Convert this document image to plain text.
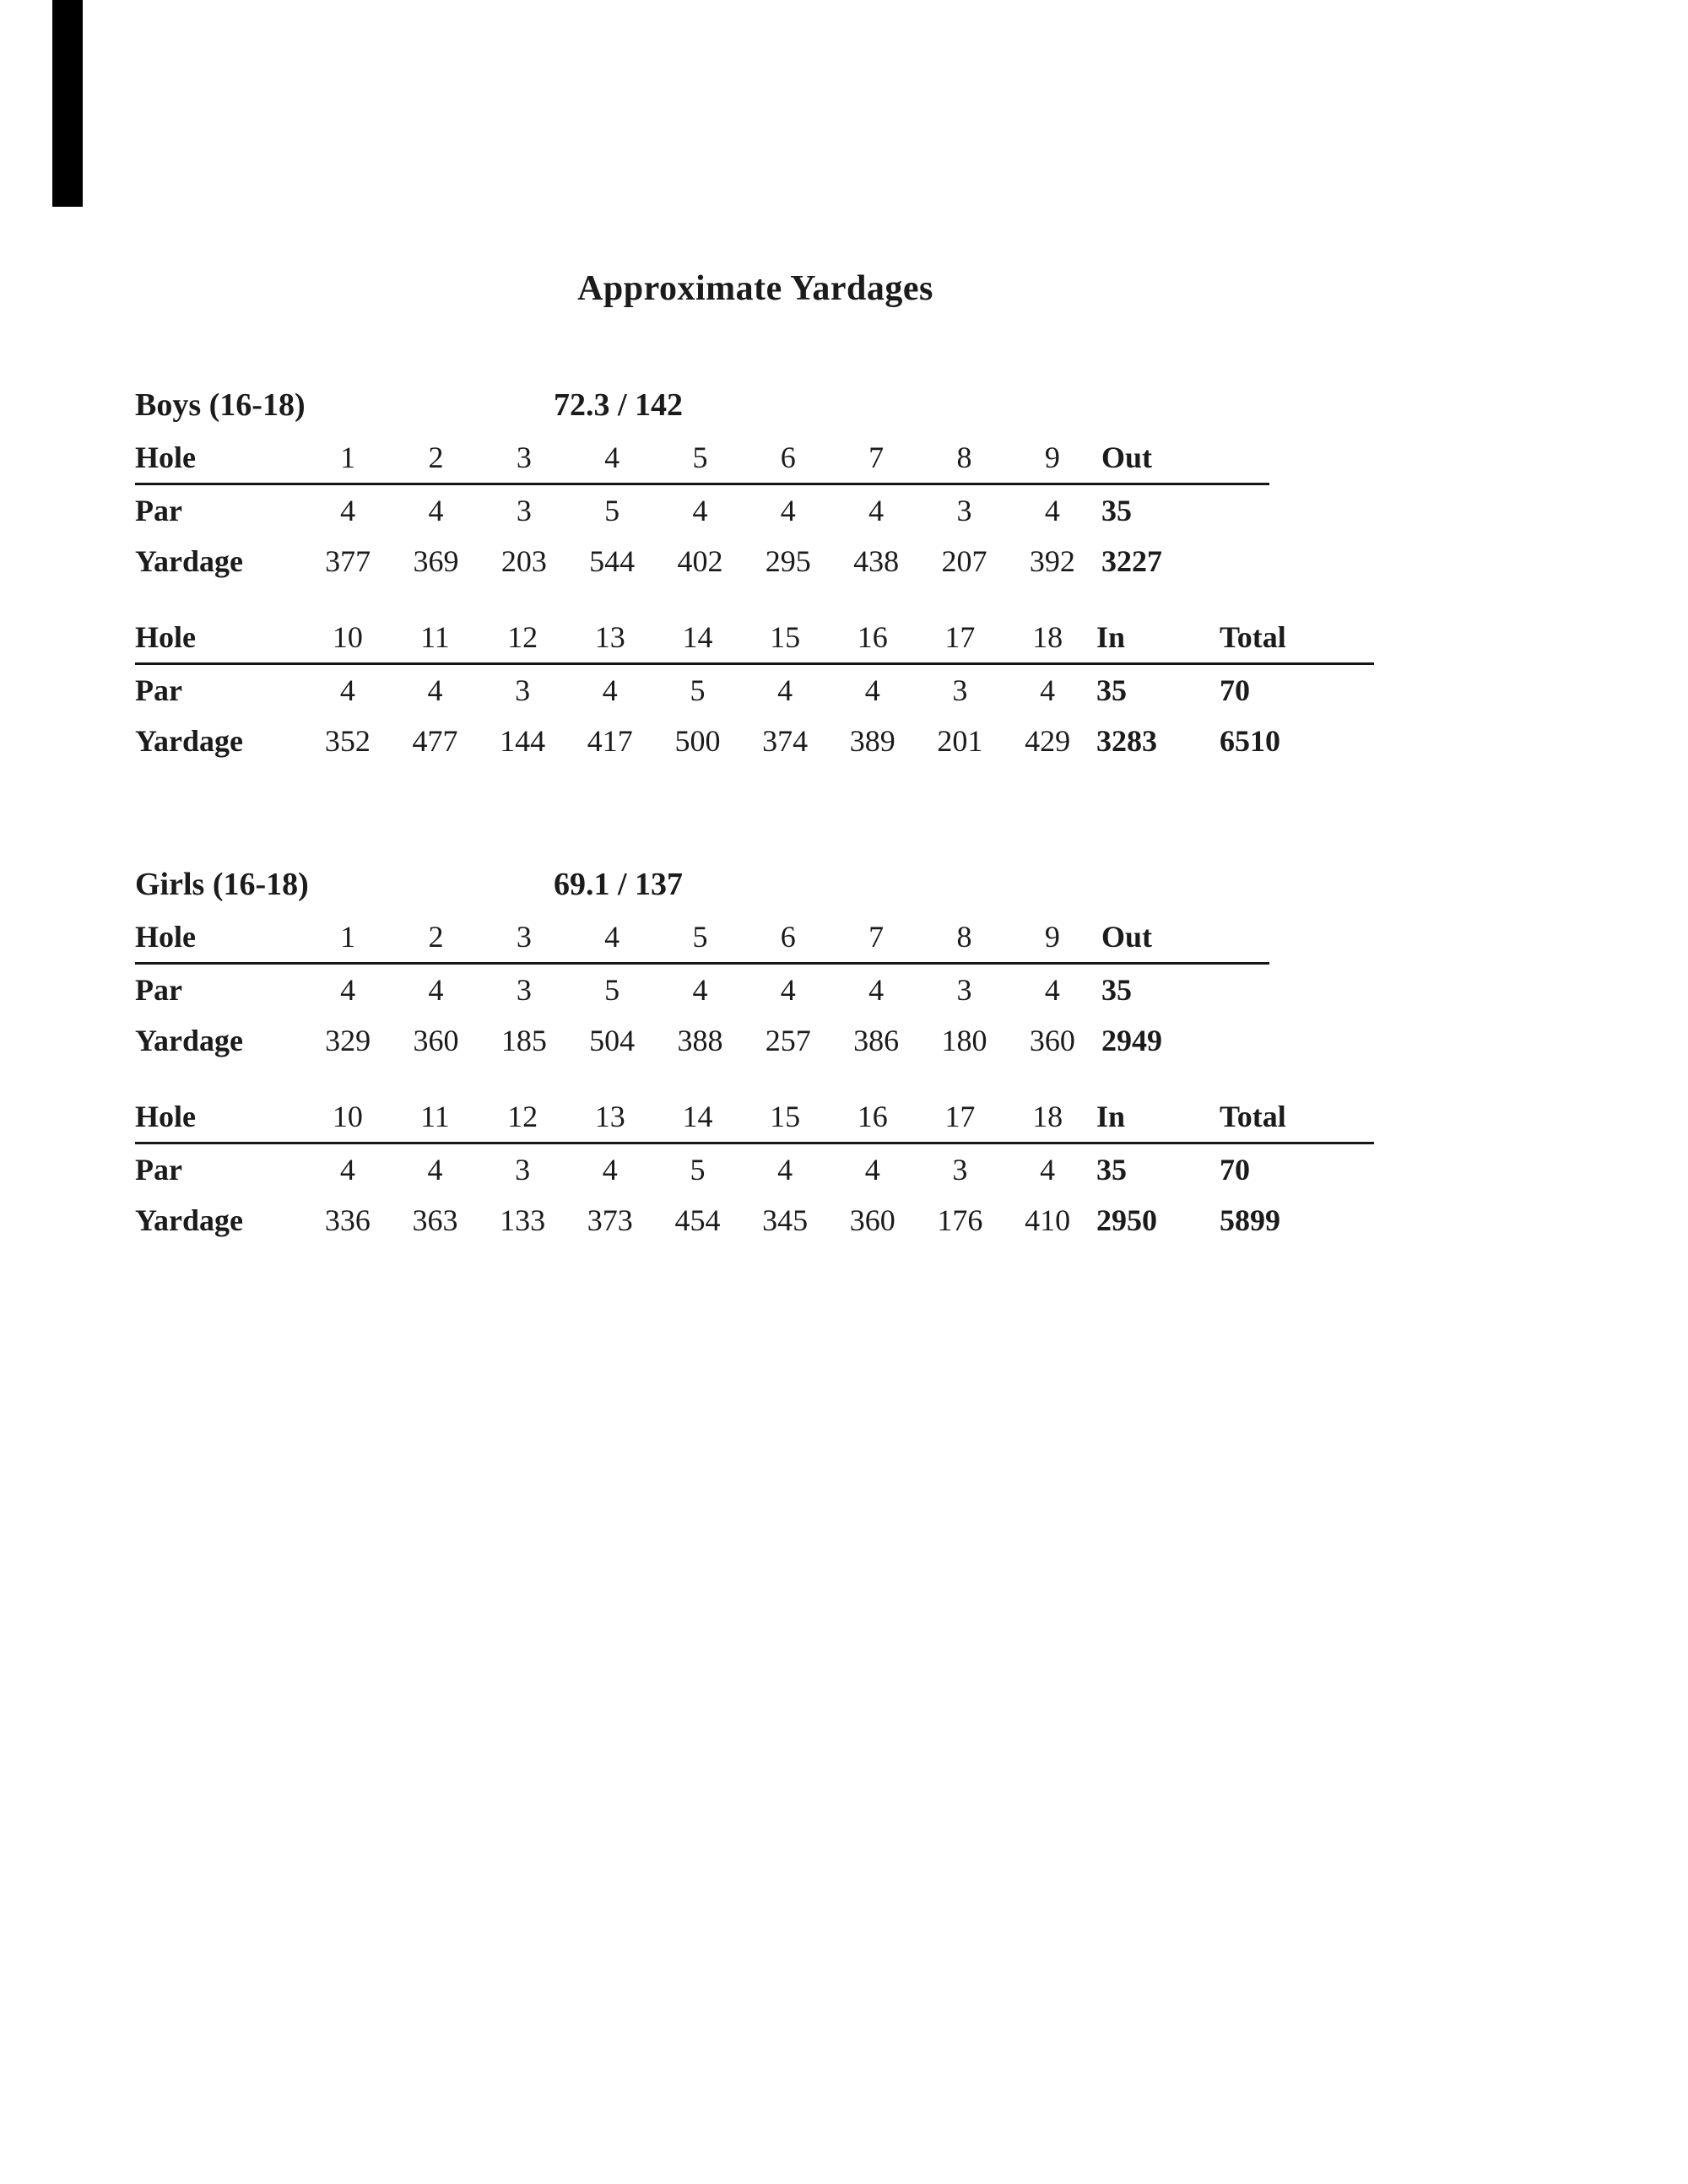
Approximate Yardages
Boys (16-18)	72.3 / 142
Hole	1	2	3	4	5	6	7	8	9	Out
Par	4	4	3	5	4	4	4	3	4	35
Yardage	377	369	203	544	402	295	438	207	392	3227
Hole	10	11	12	13	14	15	16	17	18	In	Total
Par	4	4	3	4	5	4	4	3	4	35	70
Yardage	352	477	144	417	500	374	389	201	429	3283	6510
Girls (16-18)	69.1 / 137
Hole	1	2	3	4	5	6	7	8	9	Out
Par	4	4	3	5	4	4	4	3	4	35
Yardage	329	360	185	504	388	257	386	180	360	2949
Hole	10	11	12	13	14	15	16	17	18	In	Total
Par	4	4	3	4	5	4	4	3	4	35	70
Yardage	336	363	133	373	454	345	360	176	410	2950	5899
